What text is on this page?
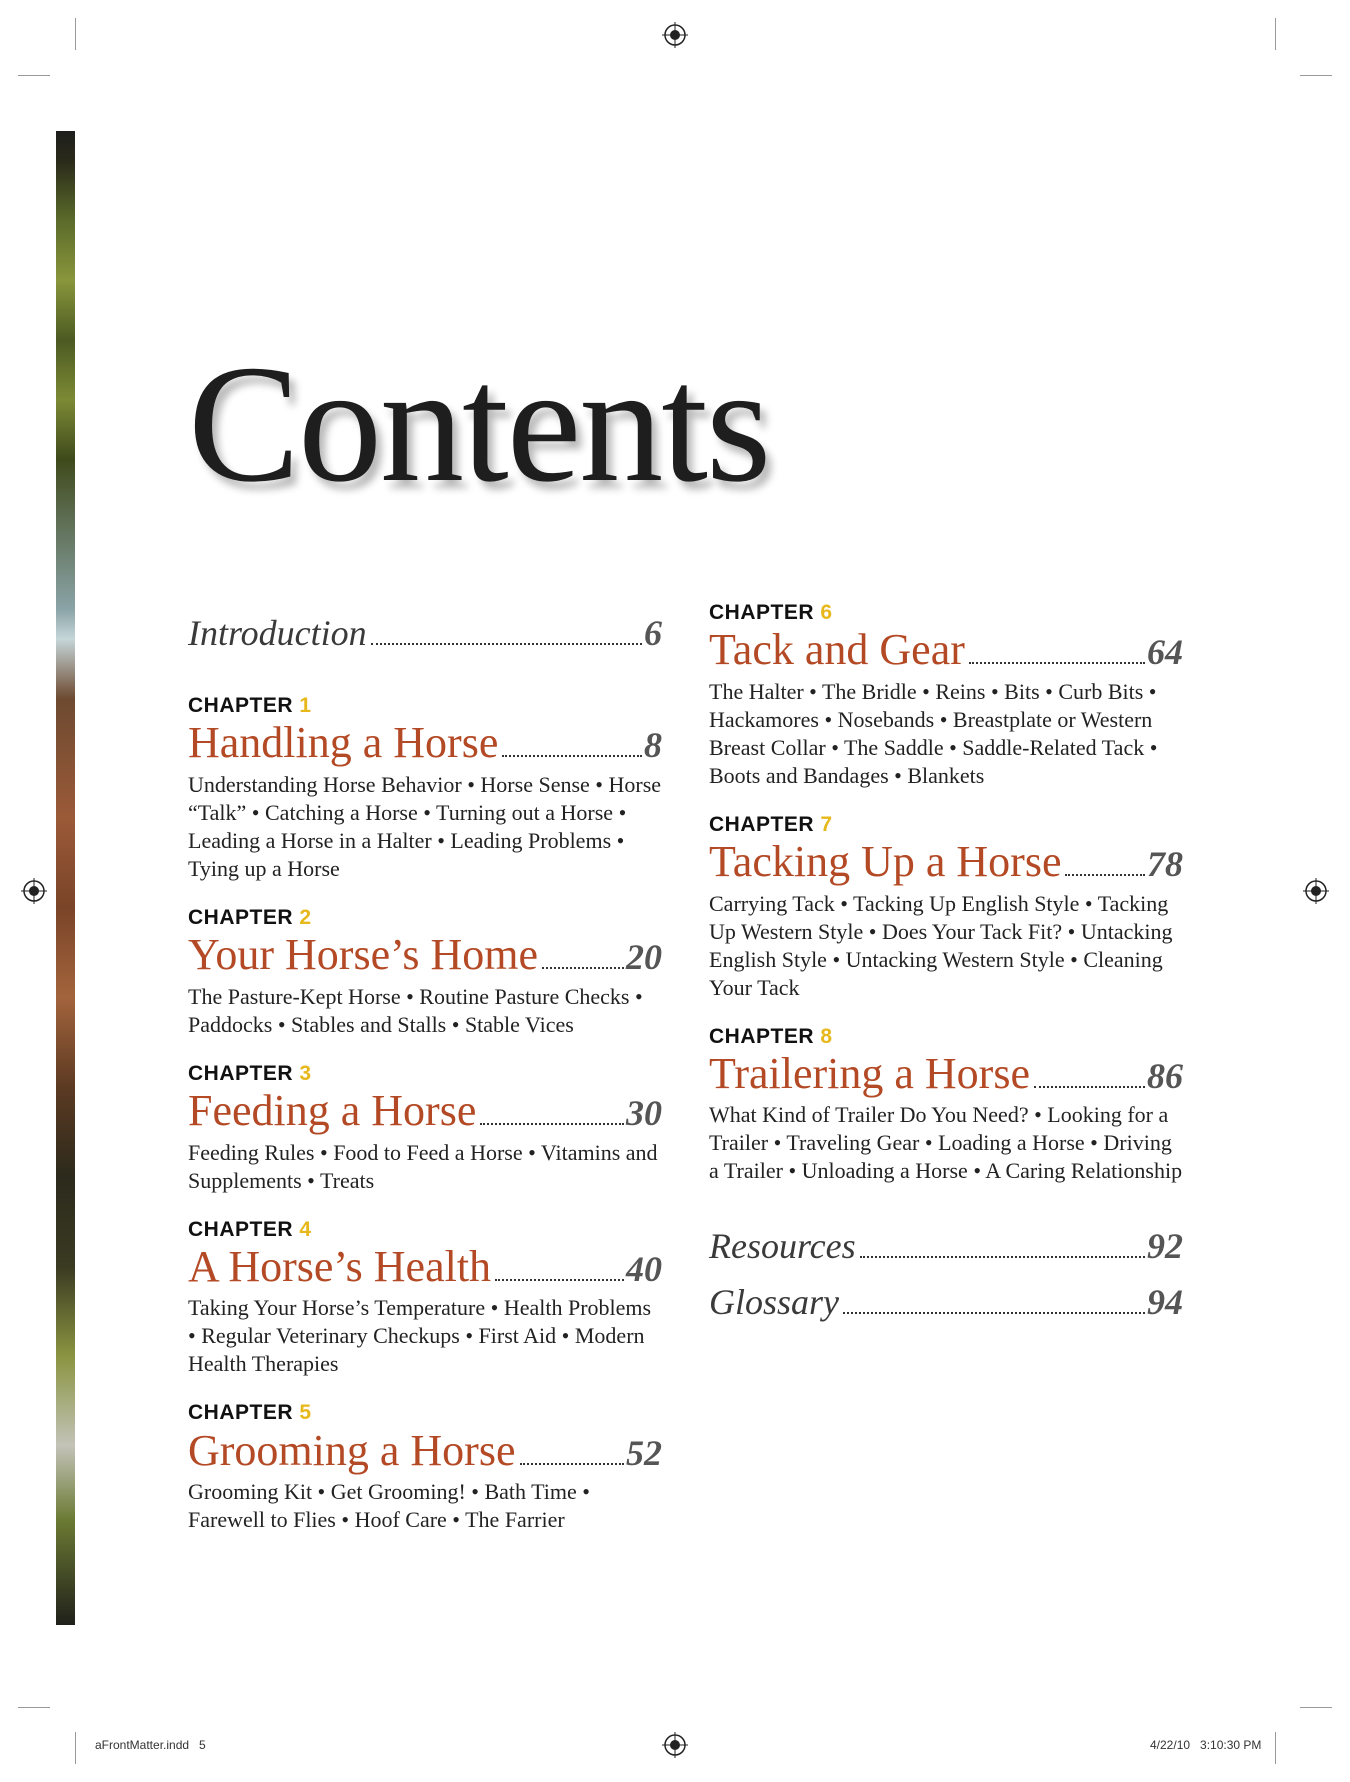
Contents
Introduction	6
CHAPTER 1
Handling a Horse	8
Understanding Horse Behavior • Horse Sense • Horse “Talk” • Catching a Horse • Turning out a Horse • Leading a Horse in a Halter • Leading Problems • Tying up a Horse
CHAPTER 2
Your Horse’s Home 20
The Pasture-Kept Horse • Routine Pasture Checks • Paddocks • Stables and Stalls • Stable Vices
CHAPTER 3
Feeding a Horse	30
Feeding Rules • Food to Feed a Horse • Vitamins and Supplements • Treats
CHAPTER 4
A Horse’s Health	40
Taking Your Horse’s Temperature • Health Problems • Regular Veterinary Checkups • First Aid • Modern Health Therapies
CHAPTER 5
Grooming a Horse	52
Grooming Kit • Get Grooming! • Bath Time • Farewell to Flies • Hoof Care • The Farrier
CHAPTER 6
Tack and Gear	64
The Halter • The Bridle • Reins • Bits • Curb Bits • Hackamores • Nosebands • Breastplate or Western Breast Collar • The Saddle • Saddle-Related Tack • Boots and Bandages • Blankets
CHAPTER 7
Tacking Up a Horse 78
Carrying Tack • Tacking Up English Style • Tacking Up Western Style • Does Your Tack Fit? • Untacking English Style • Untacking Western Style • Cleaning Your Tack
CHAPTER 8
Trailering a Horse	86
What Kind of Trailer Do You Need? • Looking for a Trailer • Traveling Gear • Loading a Horse • Driving a Trailer • Unloading a Horse • A Caring Relationship
Resources	92
Glossary	94
aFrontMatter.indd   5	4/22/10   3:10:30 PM
